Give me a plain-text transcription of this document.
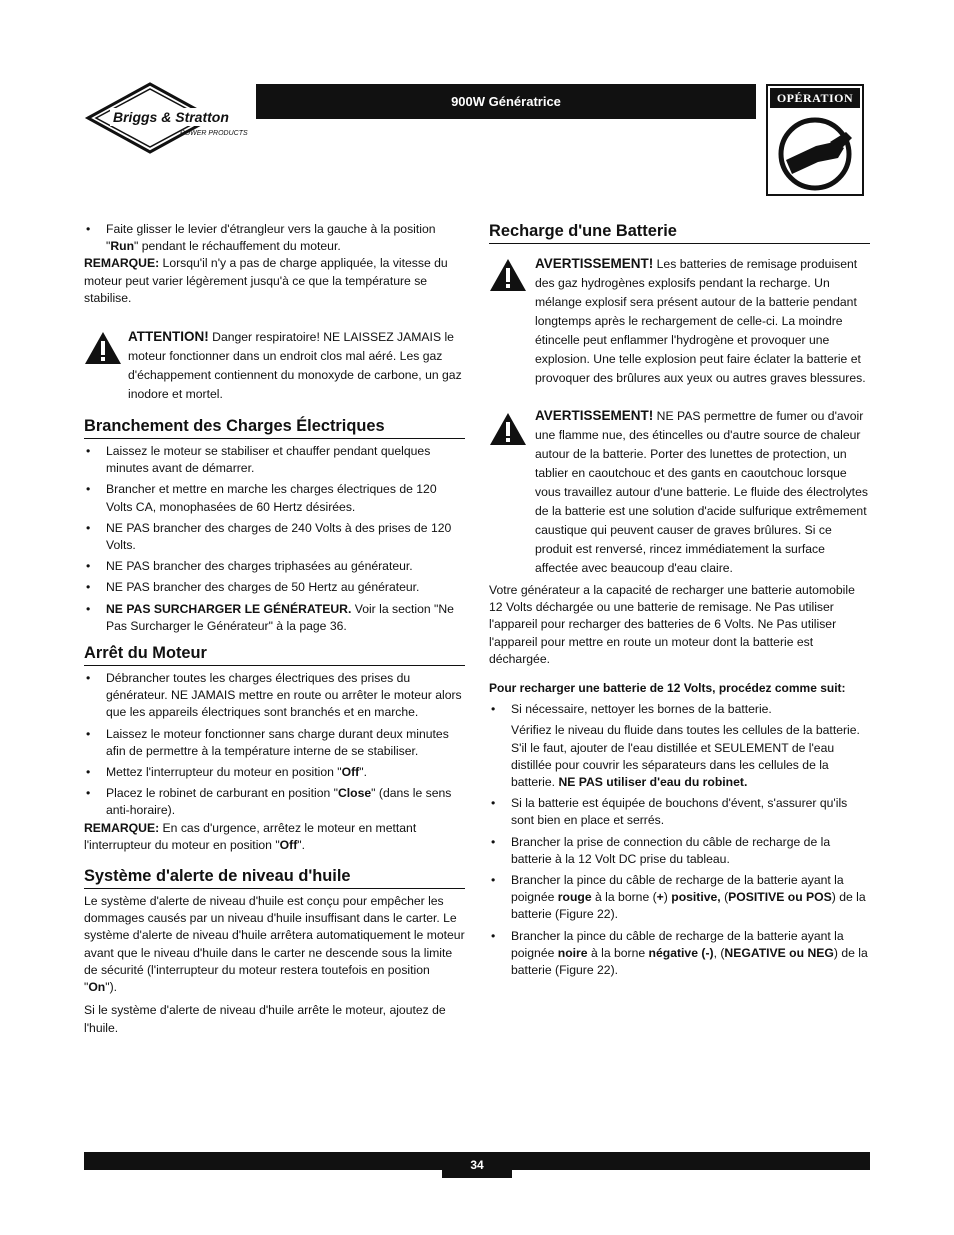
Briggs & Stratton
POWER PRODUCTS
900W Génératrice	OPÉRATION
• Faite glisser le levier d'étrangleur vers la gauche à la position "Run" pendant le réchauffement du moteur.

REMARQUE: Lorsqu'il n'y a pas de charge appliquée, la vitesse du moteur peut varier légèrement jusqu'à ce que la température se stabilise.

ATTENTION! Danger respiratoire! NE LAISSEZ JAMAIS le moteur fonctionner dans un endroit clos mal aéré. Les gaz d'échappement contiennent du monoxyde de carbone, un gaz inodore et mortel.
Branchement des Charges Électriques
• Laissez le moteur se stabiliser et chauffer pendant quelques minutes avant de démarrer.
• Brancher et mettre en marche les charges électriques de 120 Volts CA, monophasées de 60 Hertz désirées.
• NE PAS brancher des charges de 240 Volts à des prises de 120 Volts.
• NE PAS brancher des charges triphasées au générateur.
• NE PAS brancher des charges de 50 Hertz au générateur.
• NE PAS SURCHARGER LE GÉNÉRATEUR. Voir la section "Ne Pas Surcharger le Générateur" à la page 36.
Arrêt du Moteur
• Débrancher toutes les charges électriques des prises du générateur. NE JAMAIS mettre en route ou arrêter le moteur alors que les appareils électriques sont branchés et en marche.
• Laissez le moteur fonctionner sans charge durant deux minutes afin de permettre à la température interne de se stabiliser.
• Mettez l'interrupteur du moteur en position "Off".
• Placez le robinet de carburant en position "Close" (dans le sens anti-horaire).

REMARQUE: En cas d'urgence, arrêtez le moteur en mettant l'interrupteur du moteur en position "Off".

Système d'alerte de niveau d'huile

Le système d'alerte de niveau d'huile est conçu pour empêcher les dommages causés par un niveau d'huile insuffisant dans le carter. Le système d'alerte de niveau d'huile arrêtera automatiquement le moteur avant que le niveau d'huile dans le carter ne descende sous la limite de sécurité (l'interrupteur du moteur restera toutefois en position "On").

Si le système d'alerte de niveau d'huile arrête le moteur, ajoutez de l'huile.

Recharge d'une Batterie
AVERTISSEMENT! Les batteries de remisage produisent des gaz hydrogènes explosifs pendant la recharge. Un mélange explosif sera présent autour de la batterie pendant longtemps après le rechargement de celle-ci. La moindre étincelle peut enflammer l'hydrogène et provoquer une explosion. Une telle explosion peut faire éclater la batterie et provoquer des brûlures aux yeux ou autres graves blessures.
AVERTISSEMENT! NE PAS permettre de fumer ou d'avoir une flamme nue, des étincelles ou d'autre source de chaleur autour de la batterie. Porter des lunettes de protection, un tablier en caoutchouc et des gants en caoutchouc lorsque vous travaillez autour d'une batterie. Le fluide des électrolytes de la batterie est une solution d'acide sulfurique extrêmement caustique qui peuvent causer de graves brûlures. Si ce produit est renversé, rincez immédiatement la surface affectée avec beaucoup d'eau claire.

Votre générateur a la capacité de recharger une batterie automobile 12 Volts déchargée ou une batterie de remisage. Ne Pas utiliser l'appareil pour recharger des batteries de 6 Volts. Ne Pas utiliser l'appareil pour mettre en route un moteur dont la batterie est déchargée.

Pour recharger une batterie de 12 Volts, procédez comme suit:

• Si nécessaire, nettoyer les bornes de la batterie.

Vérifiez le niveau du fluide dans toutes les cellules de la batterie. S'il le faut, ajouter de l'eau distillée et SEULEMENT de l'eau distillée pour couvrir les séparateurs dans les cellules de la batterie. NE PAS utiliser d'eau du robinet.

• Si la batterie est équipée de bouchons d'évent, s'assurer qu'ils sont bien en place et serrés.
• Brancher la prise de connection du câble de recharge de la batterie à la 12 Volt DC prise du tableau.
• Brancher la pince du câble de recharge de la batterie ayant la poignée rouge à la borne (+) positive, (POSITIVE ou POS) de la batterie (Figure 22).
• Brancher la pince du câble de recharge de la batterie ayant la poignée noire à la borne négative (-), (NEGATIVE ou NEG) de la batterie (Figure 22).
34
